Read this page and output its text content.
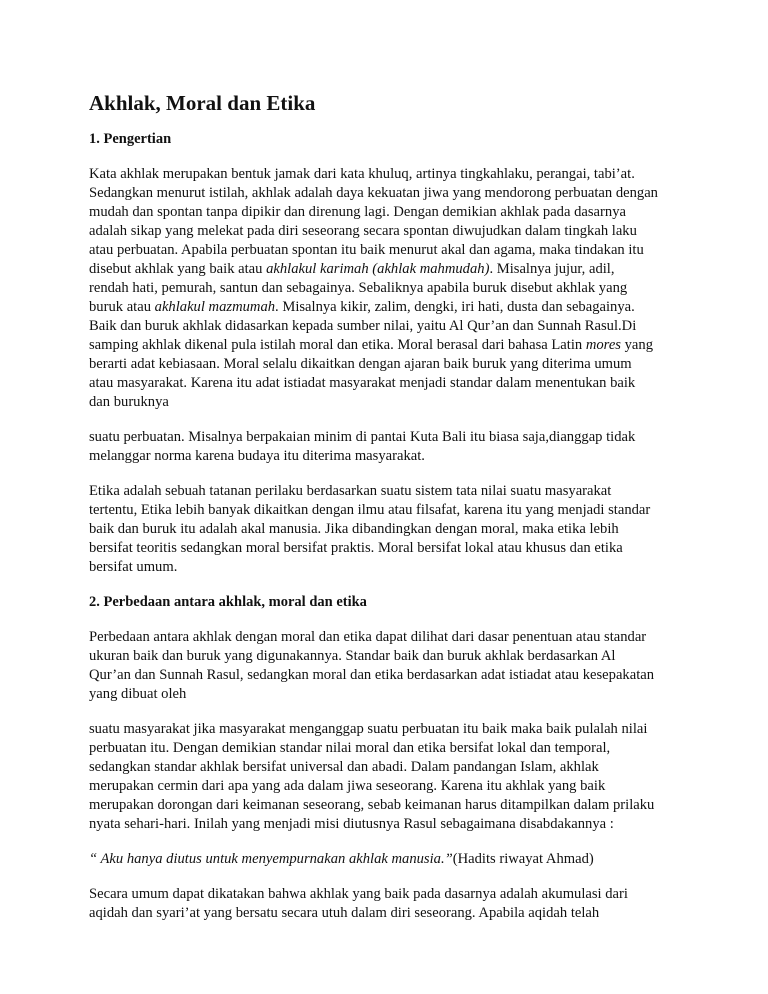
Akhlak, Moral dan Etika
1. Pengertian

Kata akhlak merupakan bentuk jamak dari kata khuluq, artinya tingkahlaku, perangai, tabi’at.
Sedangkan menurut istilah, akhlak adalah daya kekuatan jiwa yang mendorong perbuatan dengan
mudah dan spontan tanpa dipikir dan direnung lagi. Dengan demikian akhlak pada dasarnya
adalah sikap yang melekat pada diri seseorang secara spontan diwujudkan dalam tingkah laku
atau perbuatan. Apabila perbuatan spontan itu baik menurut akal dan agama, maka tindakan itu
disebut akhlak yang baik atau akhlakul karimah (akhlak mahmudah). Misalnya jujur, adil,
rendah hati, pemurah, santun dan sebagainya. Sebaliknya apabila buruk disebut akhlak yang
buruk atau akhlakul mazmumah. Misalnya kikir, zalim, dengki, iri hati, dusta dan sebagainya.
Baik dan buruk akhlak didasarkan kepada sumber nilai, yaitu Al Qur’an dan Sunnah Rasul.Di
samping akhlak dikenal pula istilah moral dan etika. Moral berasal dari bahasa Latin mores yang
berarti adat kebiasaan. Moral selalu dikaitkan dengan ajaran baik buruk yang diterima umum
atau masyarakat. Karena itu adat istiadat masyarakat menjadi standar dalam menentukan baik
dan buruknya

suatu perbuatan. Misalnya berpakaian minim di pantai Kuta Bali itu biasa saja,dianggap tidak
melanggar norma karena budaya itu diterima masyarakat.

Etika adalah sebuah tatanan perilaku berdasarkan suatu sistem tata nilai suatu masyarakat
tertentu, Etika lebih banyak dikaitkan dengan ilmu atau filsafat, karena itu yang menjadi standar
baik dan buruk itu adalah akal manusia. Jika dibandingkan dengan moral, maka etika lebih
bersifat teoritis sedangkan moral bersifat praktis. Moral bersifat lokal atau khusus dan etika
bersifat umum.

2. Perbedaan antara akhlak, moral dan etika

Perbedaan antara akhlak dengan moral dan etika dapat dilihat dari dasar penentuan atau standar
ukuran baik dan buruk yang digunakannya. Standar baik dan buruk akhlak berdasarkan Al
Qur’an dan Sunnah Rasul, sedangkan moral dan etika berdasarkan adat istiadat atau kesepakatan
yang dibuat oleh

suatu masyarakat jika masyarakat menganggap suatu perbuatan itu baik maka baik pulalah nilai
perbuatan itu. Dengan demikian standar nilai moral dan etika bersifat lokal dan temporal,
sedangkan standar akhlak bersifat universal dan abadi. Dalam pandangan Islam, akhlak
merupakan cermin dari apa yang ada dalam jiwa seseorang. Karena itu akhlak yang baik
merupakan dorongan dari keimanan seseorang, sebab keimanan harus ditampilkan dalam prilaku
nyata sehari-hari. Inilah yang menjadi misi diutusnya Rasul sebagaimana disabdakannya :

“ Aku hanya diutus untuk menyempurnakan akhlak manusia.”(Hadits riwayat Ahmad)

Secara umum dapat dikatakan bahwa akhlak yang baik pada dasarnya adalah akumulasi dari
aqidah dan syari’at yang bersatu secara utuh dalam diri seseorang. Apabila aqidah telah
